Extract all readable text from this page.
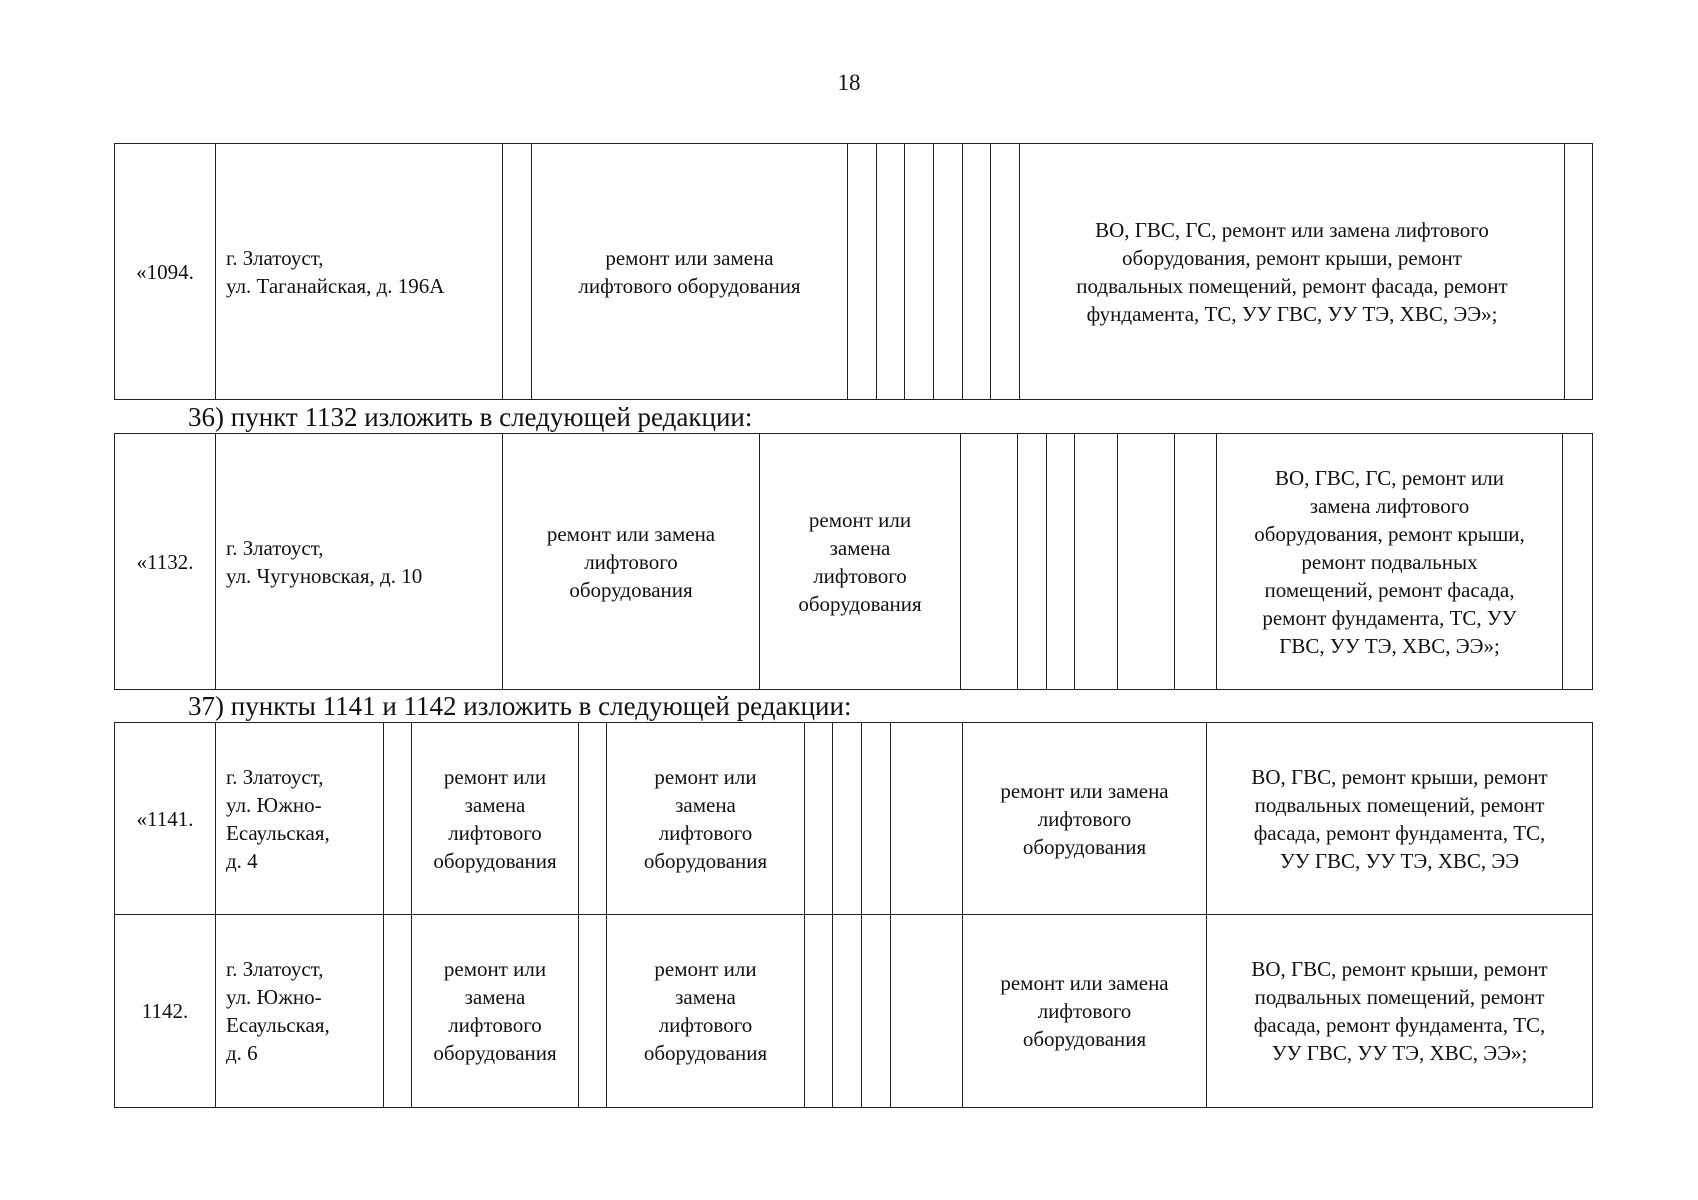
18
«1094.	г. Златоуст,
ул. Таганайская, д. 196А		ремонт или замена
лифтового оборудования							ВО, ГВС, ГС, ремонт или замена лифтового
оборудования, ремонт крыши, ремонт
подвальных помещений, ремонт фасада, ремонт
фундамента, ТС, УУ ГВС, УУ ТЭ, ХВС, ЭЭ»;	
36) пункт 1132 изложить в следующей редакции:
«1132.	г. Златоуст,
ул. Чугуновская, д. 10	ремонт или замена
лифтового
оборудования	ремонт или
замена
лифтового
оборудования							ВО, ГВС, ГС, ремонт или
замена лифтового
оборудования, ремонт крыши,
ремонт подвальных
помещений, ремонт фасада,
ремонт фундамента, ТС, УУ
ГВС, УУ ТЭ, ХВС, ЭЭ»;	
37) пункты 1141 и 1142 изложить в следующей редакции:
«1141.	г. Златоуст,
ул. Южно-
Есаульская,
д. 4		ремонт или
замена
лифтового
оборудования		ремонт или
замена
лифтового
оборудования					ремонт или замена
лифтового
оборудования	ВО, ГВС, ремонт крыши, ремонт
подвальных помещений, ремонт
фасада, ремонт фундамента, ТС,
УУ ГВС, УУ ТЭ, ХВС, ЭЭ
1142.	г. Златоуст,
ул. Южно-
Есаульская,
д. 6		ремонт или
замена
лифтового
оборудования		ремонт или
замена
лифтового
оборудования					ремонт или замена
лифтового
оборудования	ВО, ГВС, ремонт крыши, ремонт
подвальных помещений, ремонт
фасада, ремонт фундамента, ТС,
УУ ГВС, УУ ТЭ, ХВС, ЭЭ»;
